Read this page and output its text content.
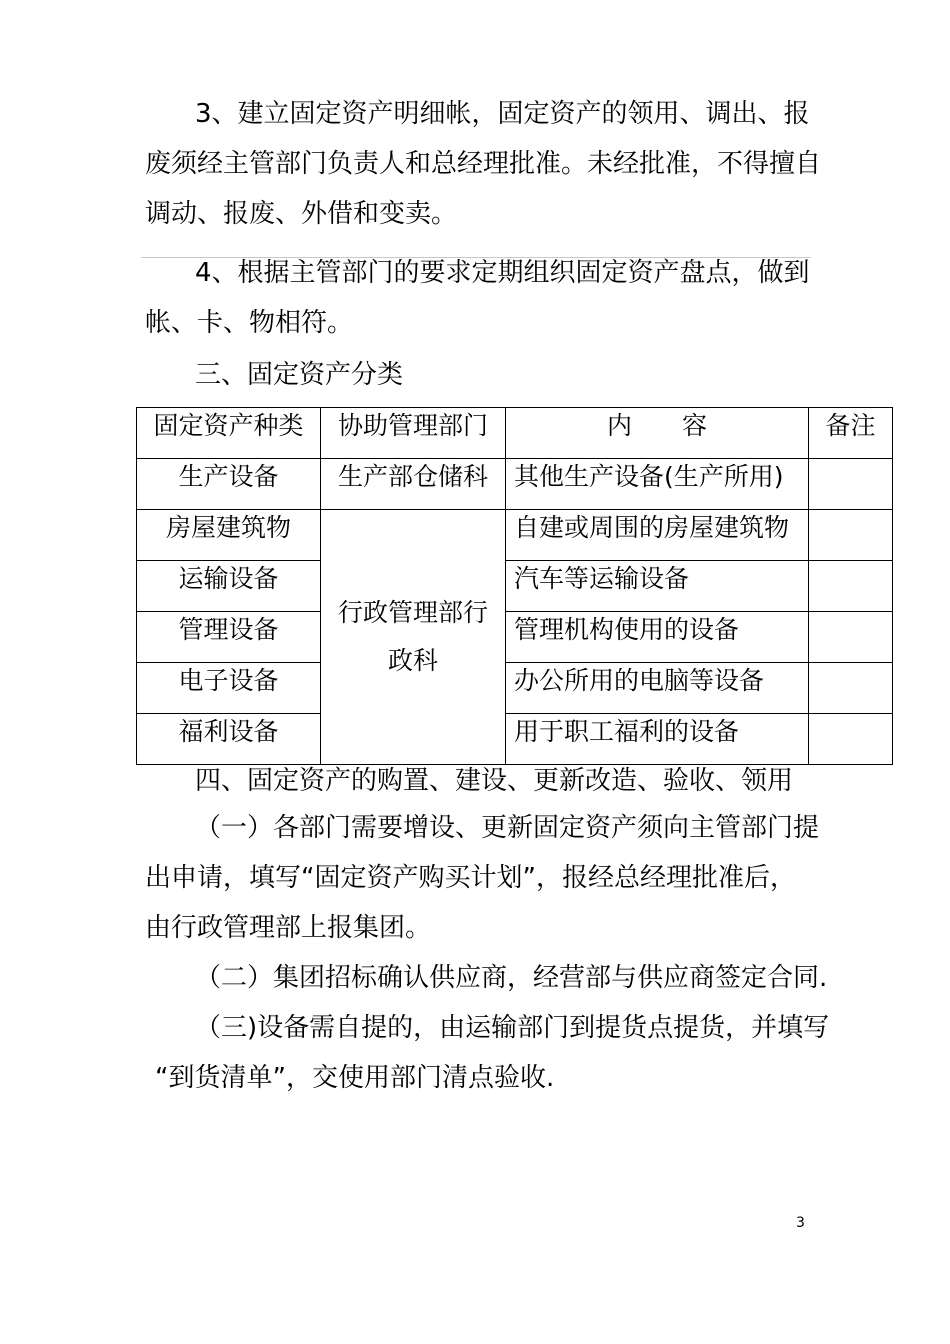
3、建立固定资产明细帐，固定资产的领用、调出、报
废须经主管部门负责人和总经理批准。未经批准，不得擅自
调动、报废、外借和变卖。
4、根据主管部门的要求定期组织固定资产盘点，做到
帐、卡、物相符。
三、固定资产分类
固定资产种类	协助管理部门	内　　容	备注

生产设备	生产部仓储科	其他生产设备(生产所用)	

房屋建筑物	行政管理部行政科	自建或周围的房屋建筑物	

运输设备		汽车等运输设备	

管理设备		管理机构使用的设备	

电子设备		办公所用的电脑等设备	

福利设备		用于职工福利的设备	

四、固定资产的购置、建设、更新改造、验收、领用
（一）各部门需要增设、更新固定资产须向主管部门提
出申请，填写“固定资产购买计划”，报经总经理批准后，
由行政管理部上报集团。
（二）集团招标确认供应商，经营部与供应商签定合同.
（三)设备需自提的，由运输部门到提货点提货，并填写
“到货清单”，交使用部门清点验收.
3
